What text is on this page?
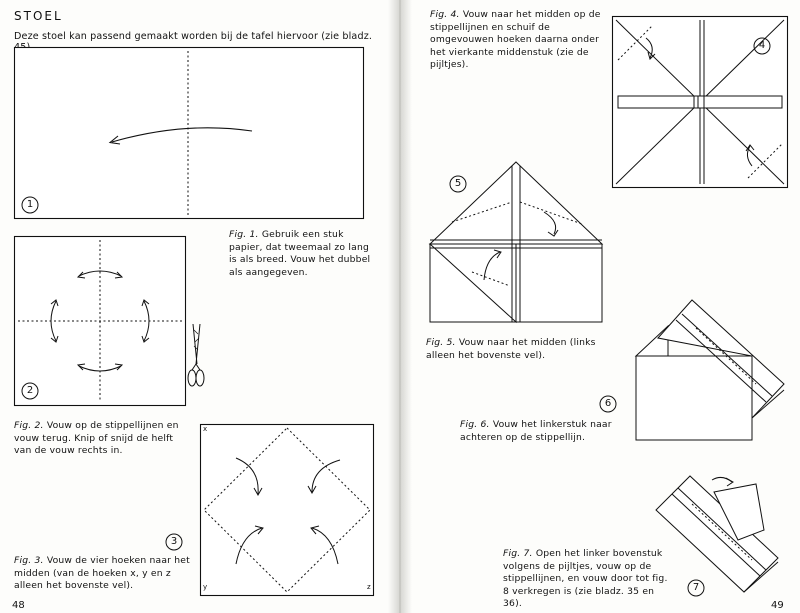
STOEL
Deze stoel kan passend gemaakt worden bij de tafel hiervoor (zie bladz.
1
Fig. 1. Gebruik een stuk papier, dat tweemaal zo lang is als breed. Vouw het dubbel als aangegeven.
2
Fig. 2. Vouw op de stippellijnen en vouw terug. Knip of snijd de helft van de vouw rechts in.
x
y	z
3
Fig. 3. Vouw de vier hoeken naar het midden (van de hoeken x, y en z alleen het bovenste vel).
48
Fig. 4. Vouw naar het midden op de stippellijnen en schuif de omgevouwen hoeken daarna onder het vierkante middenstuk (zie de pijltjes).
4
5
Fig. 5. Vouw naar het midden (links alleen het bovenste vel).
6
Fig. 6. Vouw het linkerstuk naar achteren op de stippellijn.
7
Fig. 7. Open het linker bovenstuk volgens de pijltjes, vouw op de stippellijnen, en vouw door tot fig. 8 verkregen is (zie bladz. 35 en 36).	49
